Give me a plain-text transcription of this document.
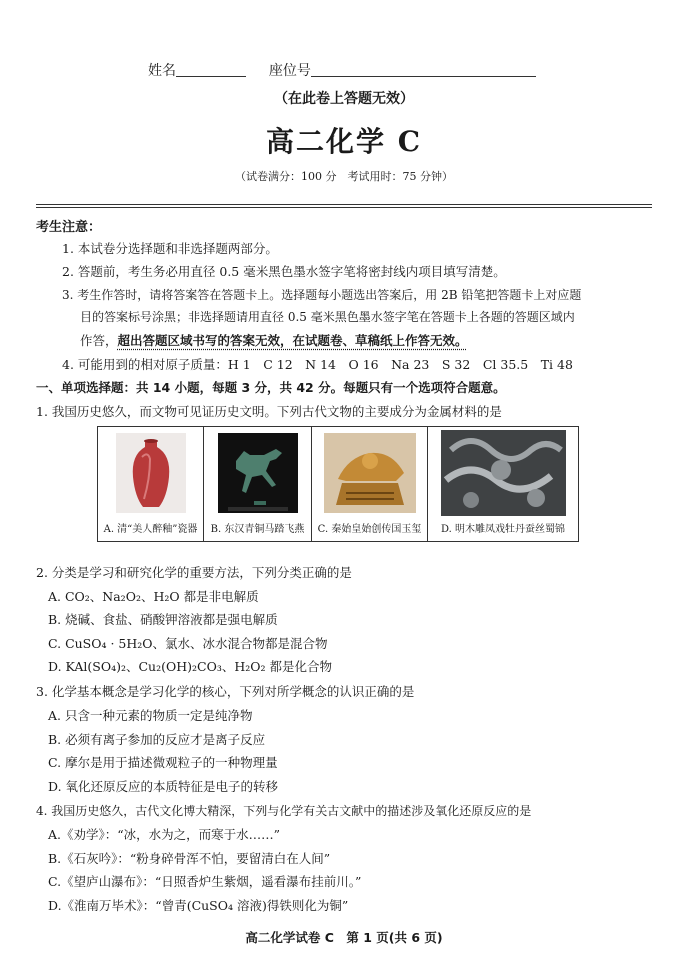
姓名	座位号
（在此卷上答题无效）
高二化学 C
（试卷满分：100 分　考试用时：75 分钟）
考生注意：
1. 本试卷分选择题和非选择题两部分。
2. 答题前，考生务必用直径 0.5 毫米黑色墨水签字笔将密封线内项目填写清楚。
3. 考生作答时，请将答案答在答题卡上。选择题每小题选出答案后，用 2B 铅笔把答题卡上对应题
目的答案标号涂黑；非选择题请用直径 0.5 毫米黑色墨水签字笔在答题卡上各题的答题区域内
作答，超出答题区域书写的答案无效，在试题卷、草稿纸上作答无效。
4. 可能用到的相对原子质量：H 1　C 12　N 14　O 16　Na 23　S 32　Cl 35.5　Ti 48
一、单项选择题：共 14 小题，每题 3 分，共 42 分。每题只有一个选项符合题意。
1. 我国历史悠久，而文物可见证历史文明。下列古代文物的主要成分为金属材料的是
A. 清“美人醉釉”瓷器	B. 东汉青铜马踏飞燕	C. 秦始皇始创传国玉玺	D. 明木雕凤戏牡丹蚕丝蜀锦
2. 分类是学习和研究化学的重要方法，下列分类正确的是
A. CO₂、Na₂O₂、H₂O 都是非电解质
B. 烧碱、食盐、硝酸钾溶液都是强电解质
C. CuSO₄ · 5H₂O、氯水、冰水混合物都是混合物
D. KAl(SO₄)₂、Cu₂(OH)₂CO₃、H₂O₂ 都是化合物
3. 化学基本概念是学习化学的核心，下列对所学概念的认识正确的是
A. 只含一种元素的物质一定是纯净物
B. 必须有离子参加的反应才是离子反应
C. 摩尔是用于描述微观粒子的一种物理量
D. 氧化还原反应的本质特征是电子的转移
4. 我国历史悠久，古代文化博大精深，下列与化学有关古文献中的描述涉及氧化还原反应的是
A.《劝学》：“冰，水为之，而寒于水……”
B.《石灰吟》：“粉身碎骨浑不怕，要留清白在人间”
C.《望庐山瀑布》：“日照香炉生紫烟，遥看瀑布挂前川。”
D.《淮南万毕术》：“曾青(CuSO₄ 溶液)得铁则化为铜”
高二化学试卷 C　第 1 页(共 6 页)
